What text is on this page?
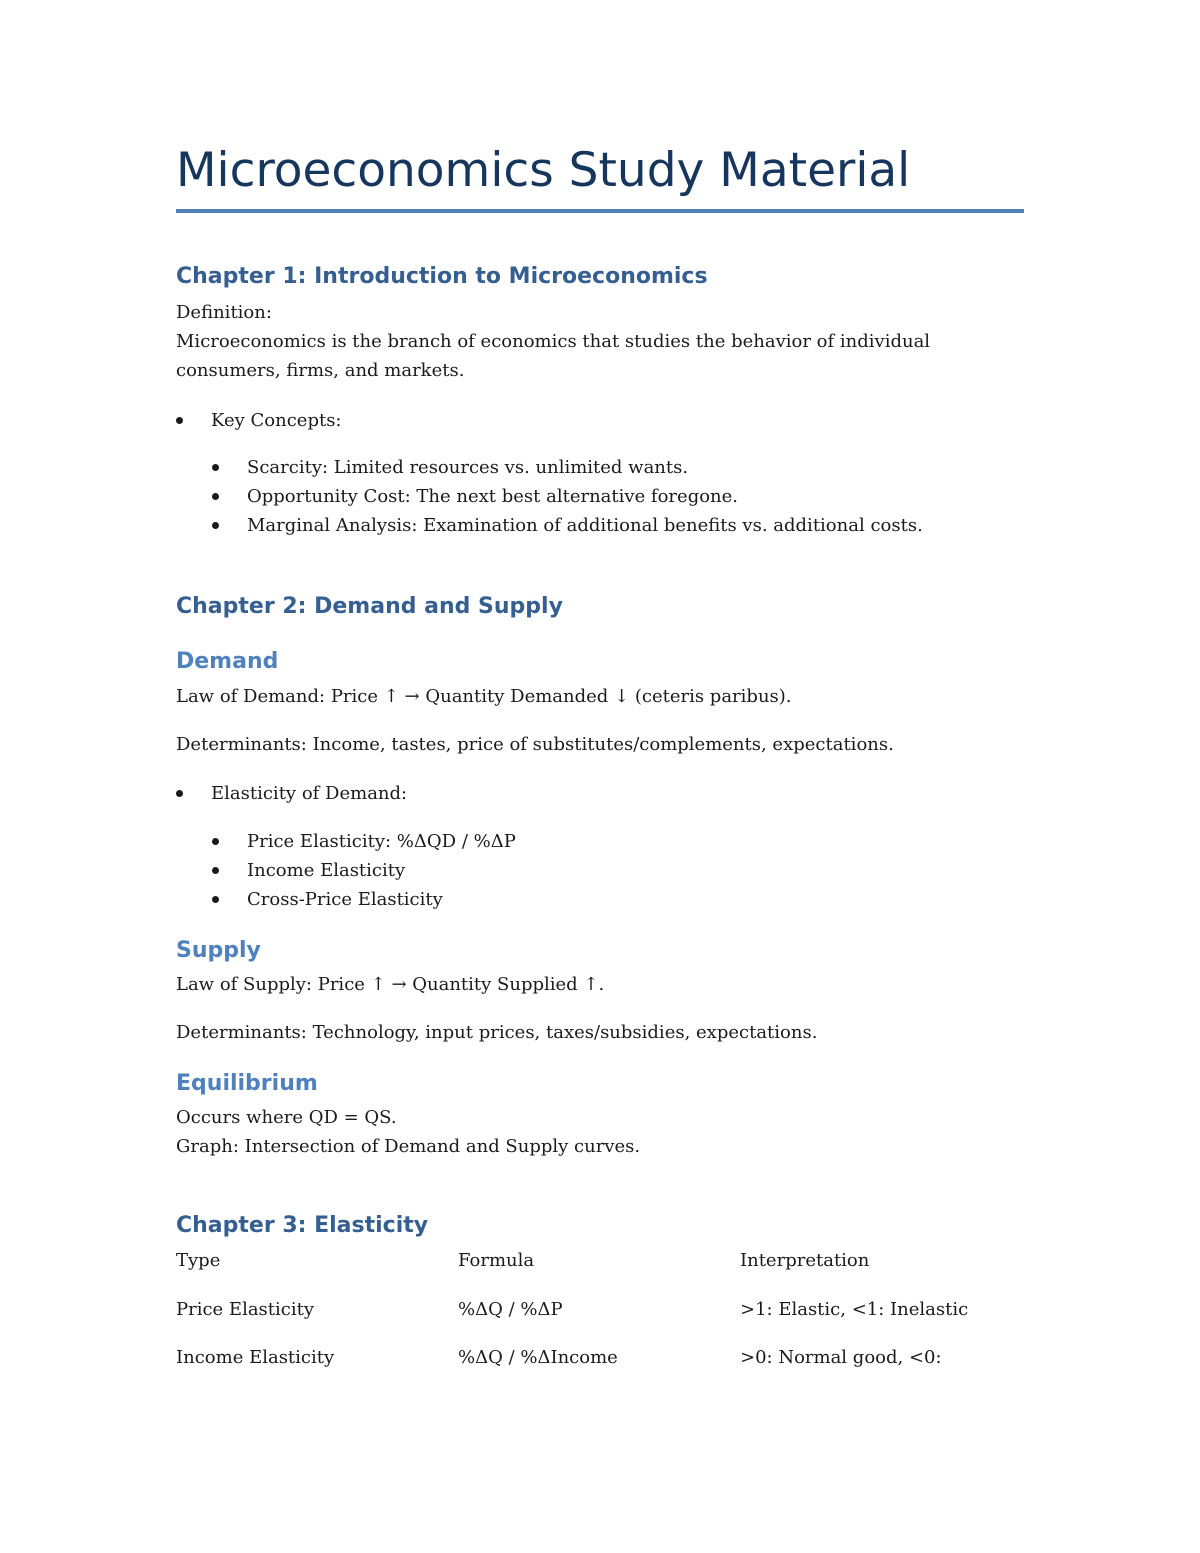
Microeconomics Study Material
Chapter 1: Introduction to Microeconomics

Definition:

Microeconomics is the branch of economics that studies the behavior of individual

consumers, firms, and markets.

Key Concepts:
Scarcity: Limited resources vs. unlimited wants.
Opportunity Cost: The next best alternative foregone.
Marginal Analysis: Examination of additional benefits vs. additional costs.
Chapter 2: Demand and Supply
Demand

Law of Demand: Price ↑ → Quantity Demanded ↓ (ceteris paribus).

Determinants: Income, tastes, price of substitutes/complements, expectations.

Elasticity of Demand:
Price Elasticity: %ΔQD / %ΔP
Income Elasticity
Cross-Price Elasticity
Supply

Law of Supply: Price ↑ → Quantity Supplied ↑.

Determinants: Technology, input prices, taxes/subsidies, expectations.

Equilibrium

Occurs where QD = QS.

Graph: Intersection of Demand and Supply curves.

Chapter 3: Elasticity
Type	Formula	Interpretation
Price Elasticity	%ΔQ / %ΔP	>1: Elastic, <1: Inelastic
Income Elasticity	%ΔQ / %ΔIncome	>0: Normal good, <0:
